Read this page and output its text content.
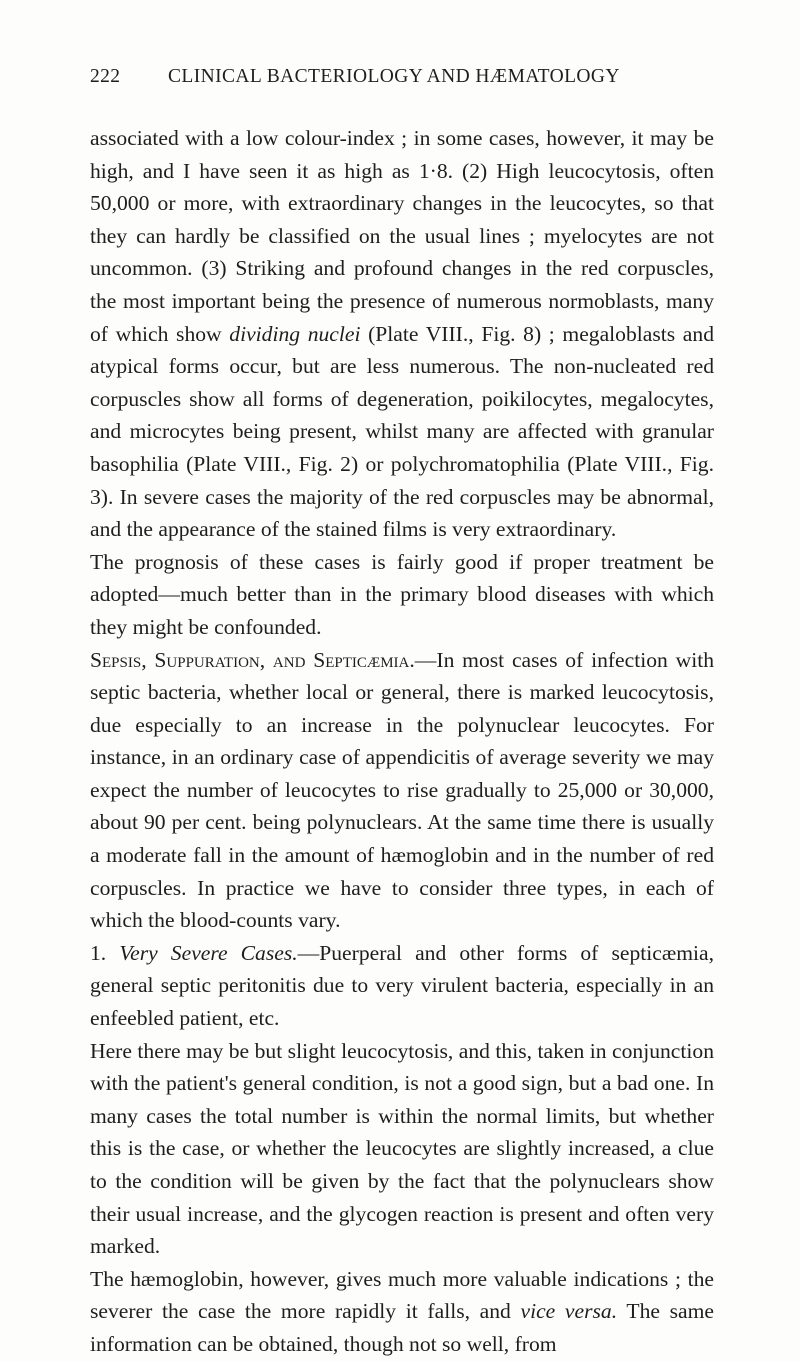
222 CLINICAL BACTERIOLOGY AND HÆMATOLOGY

associated with a low colour-index ; in some cases, however, it may be high, and I have seen it as high as 1·8. (2) High leucocytosis, often 50,000 or more, with extraordinary changes in the leucocytes, so that they can hardly be classified on the usual lines ; myelocytes are not uncommon. (3) Striking and profound changes in the red corpuscles, the most important being the presence of numerous normoblasts, many of which show dividing nuclei (Plate VIII., Fig. 8) ; megaloblasts and atypical forms occur, but are less numerous. The non-nucleated red corpuscles show all forms of degeneration, poikilocytes, megalocytes, and microcytes being present, whilst many are affected with granular basophilia (Plate VIII., Fig. 2) or polychromatophilia (Plate VIII., Fig. 3). In severe cases the majority of the red corpuscles may be abnormal, and the appearance of the stained films is very extraordinary.

The prognosis of these cases is fairly good if proper treatment be adopted—much better than in the primary blood diseases with which they might be confounded.

Sepsis, Suppuration, and Septicæmia.—In most cases of infection with septic bacteria, whether local or general, there is marked leucocytosis, due especially to an increase in the polynuclear leucocytes. For instance, in an ordinary case of appendicitis of average severity we may expect the number of leucocytes to rise gradually to 25,000 or 30,000, about 90 per cent. being polynuclears. At the same time there is usually a moderate fall in the amount of hæmoglobin and in the number of red corpuscles. In practice we have to consider three types, in each of which the blood-counts vary.

1. Very Severe Cases.—Puerperal and other forms of septicæmia, general septic peritonitis due to very virulent bacteria, especially in an enfeebled patient, etc.

Here there may be but slight leucocytosis, and this, taken in conjunction with the patient's general condition, is not a good sign, but a bad one. In many cases the total number is within the normal limits, but whether this is the case, or whether the leucocytes are slightly increased, a clue to the condition will be given by the fact that the polynuclears show their usual increase, and the glycogen reaction is present and often very marked.

The hæmoglobin, however, gives much more valuable indications ; the severer the case the more rapidly it falls, and vice versa. The same information can be obtained, though not so well, from
